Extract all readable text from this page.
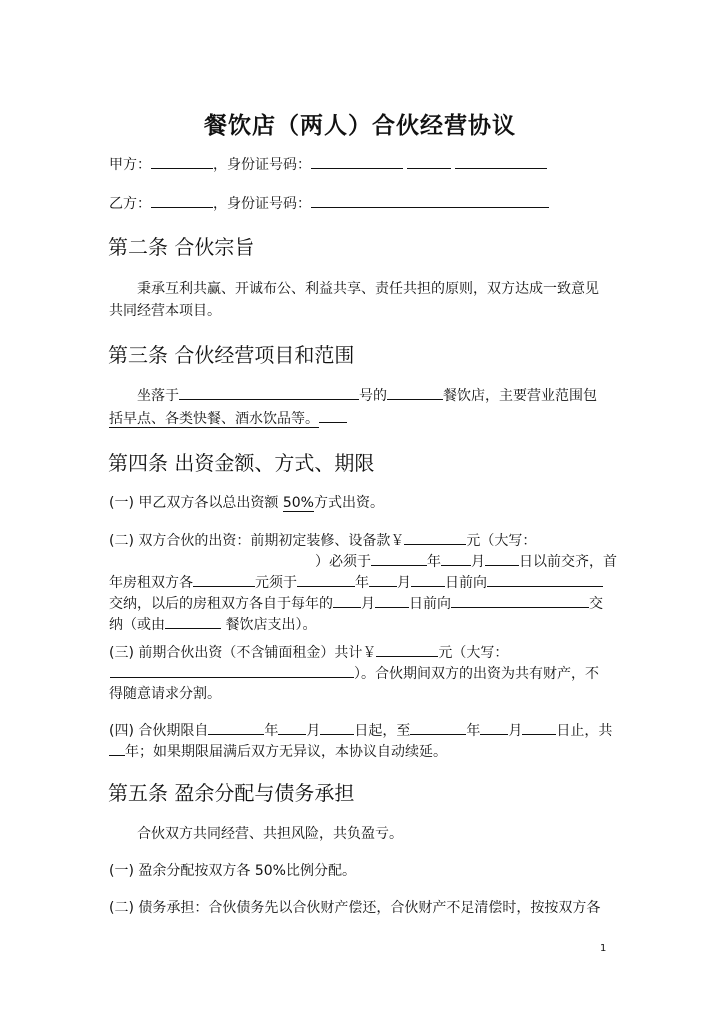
餐饮店（两人）合伙经营协议
甲方：	，身份证号码：
乙方：	，身份证号码：
第二条 合伙宗旨
秉承互利共赢、开诚布公、利益共享、责任共担的原则，双方达成一致意见

共同经营本项目。
第三条 合伙经营项目和范围
坐落于	号的	餐饮店，主要营业范围包
括早点、各类快餐、酒水饮品等。
第四条 出资金额、方式、期限
(一) 甲乙双方各以总出资额 50%方式出资。
(二) 双方合伙的出资：前期初定装修、设备款￥	元（大写：
）必须于	年 月 日以前交齐，首
年房租双方各	元须于	年 月 日前向
交纳，以后的房租双方各自于每年的 月 日前向	交
纳（或由	餐饮店支出）。
(三) 前期合伙出资（不含铺面租金）共计￥	元（大写：
）。合伙期间双方的出资为共有财产，不
得随意请求分割。
(四) 合伙期限自	年 月 日起，至	年 月 日止，共
年；如果期限届满后双方无异议，本协议自动续延。
第五条 盈余分配与债务承担
合伙双方共同经营、共担风险，共负盈亏。
(一) 盈余分配按双方各 50%比例分配。
(二) 债务承担：合伙债务先以合伙财产偿还，合伙财产不足清偿时，按按双方各
1
